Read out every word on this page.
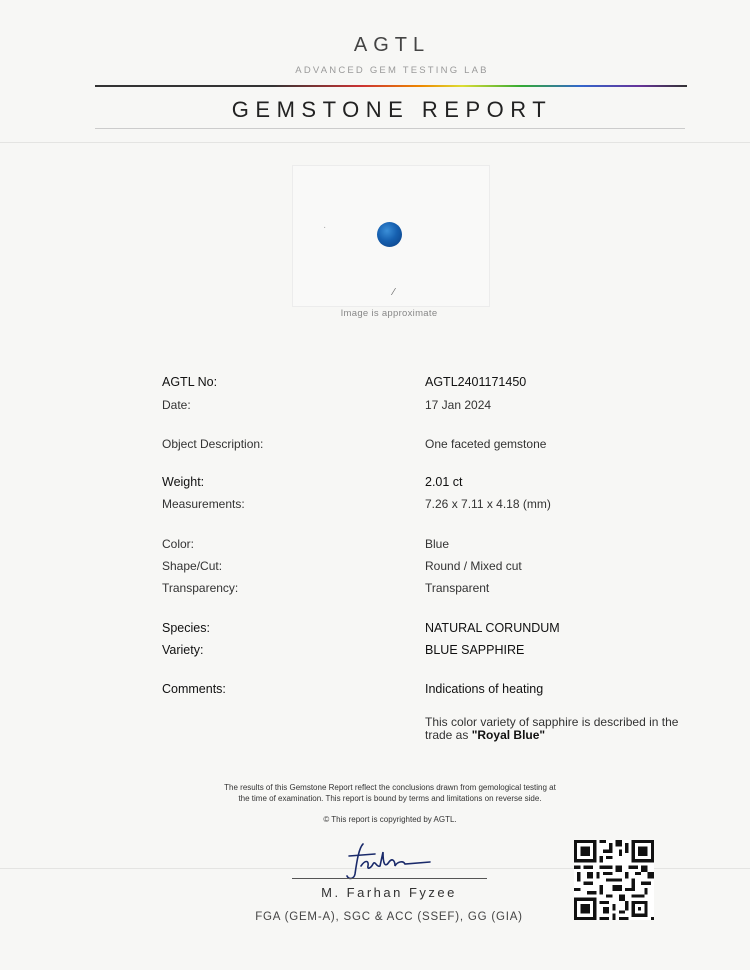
AGTL
ADVANCED GEM TESTING LAB
GEMSTONE REPORT
·
⁄
Image is approximate
AGTL No:	AGTL2401171450
Date:	17 Jan 2024
Object Description:	One faceted gemstone
Weight:	2.01 ct
Measurements:	7.26 x 7.11 x 4.18 (mm)
Color:	Blue
Shape/Cut:	Round / Mixed cut
Transparency:	Transparent
Species:	NATURAL CORUNDUM
Variety:	BLUE SAPPHIRE
Comments:	Indications of heating
This color variety of sapphire is described in the trade as "Royal Blue"
The results of this Gemstone Report reflect the conclusions drawn from gemological testing at
the time of examination. This report is bound by terms and limitations on reverse side.
© This report is copyrighted by AGTL.
M. Farhan Fyzee
FGA (GEM-A), SGC & ACC (SSEF), GG (GIA)
